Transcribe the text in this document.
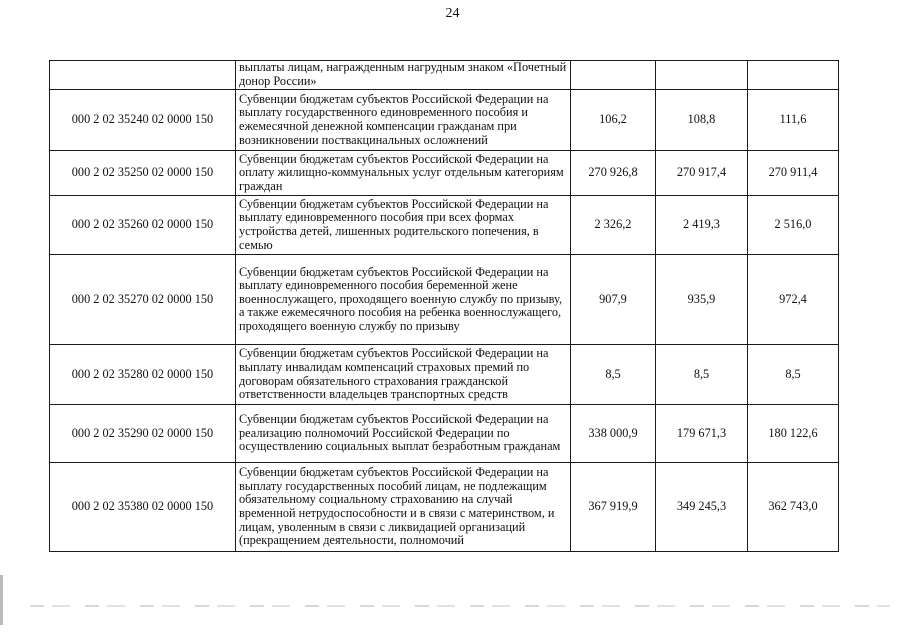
24
	выплаты лицам, награжденным нагрудным знаком «Почетный донор России»			
000 2 02 35240 02 0000 150	Субвенции бюджетам субъектов Российской Федерации на выплату государственного единовременного пособия и ежемесячной денежной компенсации гражданам при возникновении поствакцинальных осложнений	106,2	108,8	111,6
000 2 02 35250 02 0000 150	Субвенции бюджетам субъектов Российской Федерации на оплату жилищно-коммунальных услуг отдельным категориям граждан	270 926,8	270 917,4	270 911,4
000 2 02 35260 02 0000 150	Субвенции бюджетам субъектов Российской Федерации на выплату единовременного пособия при всех формах устройства детей, лишенных родительского попечения, в семью	2 326,2	2 419,3	2 516,0
000 2 02 35270 02 0000 150	Субвенции бюджетам субъектов Российской Федерации на выплату единовременного пособия беременной жене военнослужащего, проходящего военную службу по призыву, а также ежемесячного пособия на ребенка военнослужащего, проходящего военную службу по призыву	907,9	935,9	972,4
000 2 02 35280 02 0000 150	Субвенции бюджетам субъектов Российской Федерации на выплату инвалидам компенсаций страховых премий по договорам обязательного страхования гражданской ответственности владельцев транспортных средств	8,5	8,5	8,5
000 2 02 35290 02 0000 150	Субвенции бюджетам субъектов Российской Федерации на реализацию полномочий Российской Федерации по осуществлению социальных выплат безработным гражданам	338 000,9	179 671,3	180 122,6
000 2 02 35380 02 0000 150	Субвенции бюджетам субъектов Российской Федерации на выплату государственных пособий лицам, не подлежащим обязательному социальному страхованию на случай временной нетрудоспособности и в связи с материнством, и лицам, уволенным в связи с ликвидацией организаций (прекращением деятельности, полномочий	367 919,9	349 245,3	362 743,0
